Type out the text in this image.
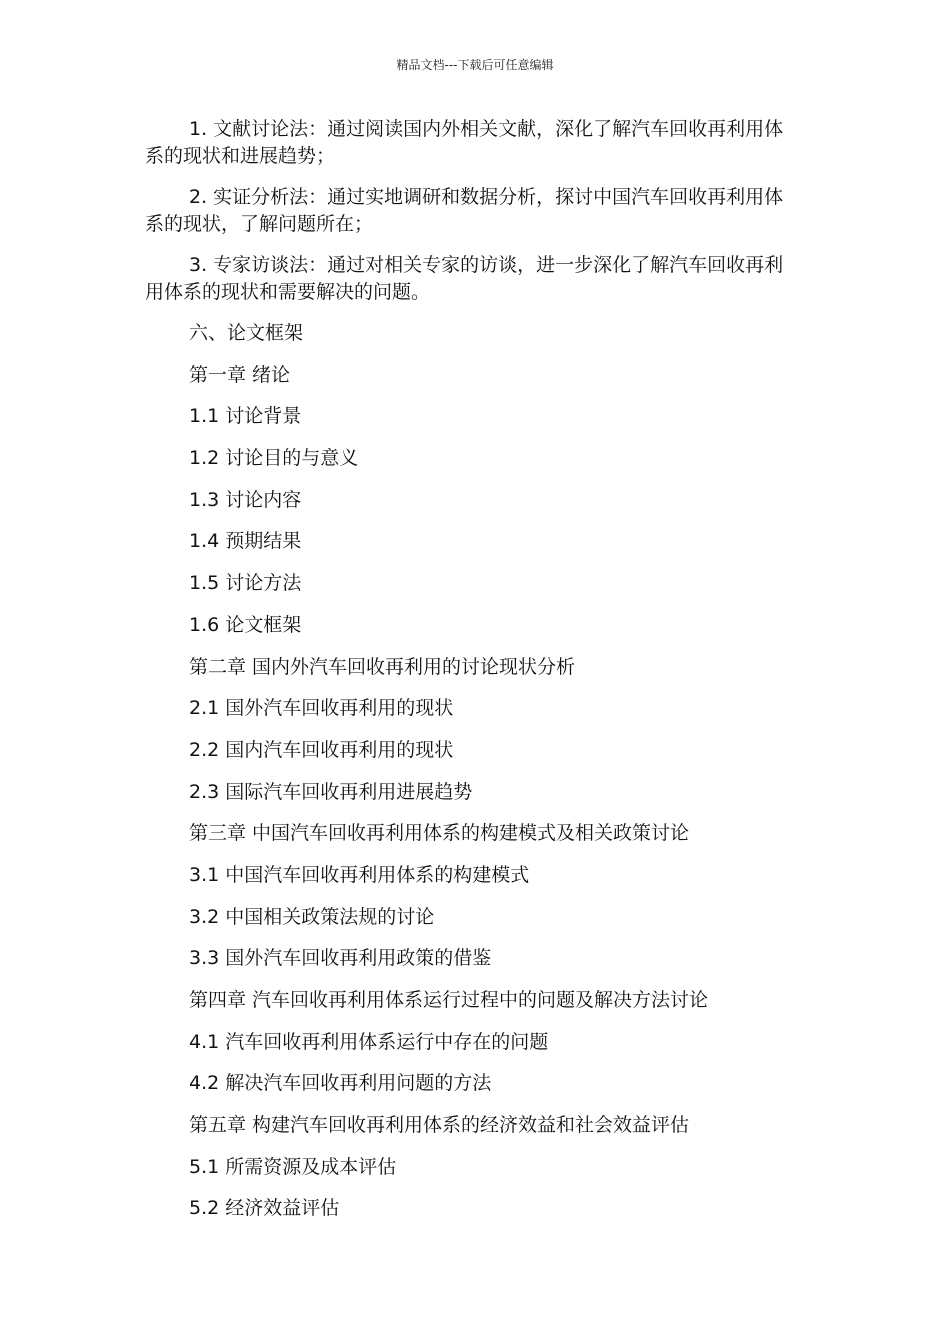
精品文档---下载后可任意编辑

1. 文献讨论法：通过阅读国内外相关文献，深化了解汽车回收再利用体系的现状和进展趋势；

2. 实证分析法：通过实地调研和数据分析，探讨中国汽车回收再利用体系的现状，了解问题所在；

3. 专家访谈法：通过对相关专家的访谈，进一步深化了解汽车回收再利用体系的现状和需要解决的问题。

六、论文框架

第一章 绪论

1.1 讨论背景

1.2 讨论目的与意义

1.3 讨论内容

1.4 预期结果

1.5 讨论方法

1.6 论文框架

第二章 国内外汽车回收再利用的讨论现状分析

2.1 国外汽车回收再利用的现状

2.2 国内汽车回收再利用的现状

2.3 国际汽车回收再利用进展趋势

第三章 中国汽车回收再利用体系的构建模式及相关政策讨论

3.1 中国汽车回收再利用体系的构建模式

3.2 中国相关政策法规的讨论

3.3 国外汽车回收再利用政策的借鉴

第四章 汽车回收再利用体系运行过程中的问题及解决方法讨论

4.1 汽车回收再利用体系运行中存在的问题

4.2 解决汽车回收再利用问题的方法

第五章 构建汽车回收再利用体系的经济效益和社会效益评估

5.1 所需资源及成本评估

5.2 经济效益评估
